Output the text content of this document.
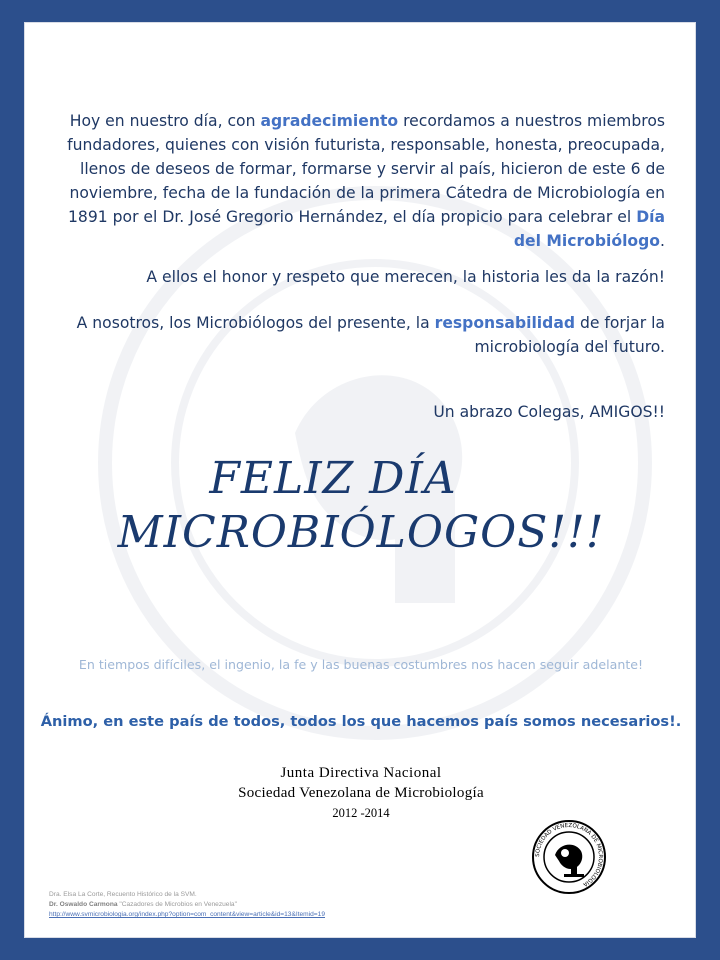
Hoy en nuestro día, con agradecimiento recordamos a nuestros miembros fundadores, quienes con visión futurista, responsable, honesta, preocupada, llenos de deseos de formar, formarse y servir al país, hicieron de este 6 de noviembre, fecha de la fundación de la primera Cátedra de Microbiología en 1891 por el Dr. José Gregorio Hernández, el día propicio para celebrar el Día del Microbiólogo.
A ellos el honor y respeto que merecen, la historia les da la razón!
A nosotros, los Microbiólogos del presente, la responsabilidad de forjar la microbiología del futuro.
Un abrazo Colegas, AMIGOS!!
FELIZ DÍA
MICROBIÓLOGOS!!!
En tiempos difíciles, el ingenio, la fe y las buenas costumbres nos hacen seguir adelante!
Ánimo, en este país de todos, todos los que hacemos país somos necesarios!.
Junta Directiva Nacional
Sociedad Venezolana de Microbiología
2012 -2014
SOCIEDAD VENEZOLANA DE MICROBIOLOGIA
Dra. Elsa La Corte, Recuento Histórico de la SVM.
Dr. Oswaldo Carmona "Cazadores de Microbios en Venezuela"
http://www.svmicrobiologia.org/index.php?option=com_content&view=article&id=13&Itemid=19
